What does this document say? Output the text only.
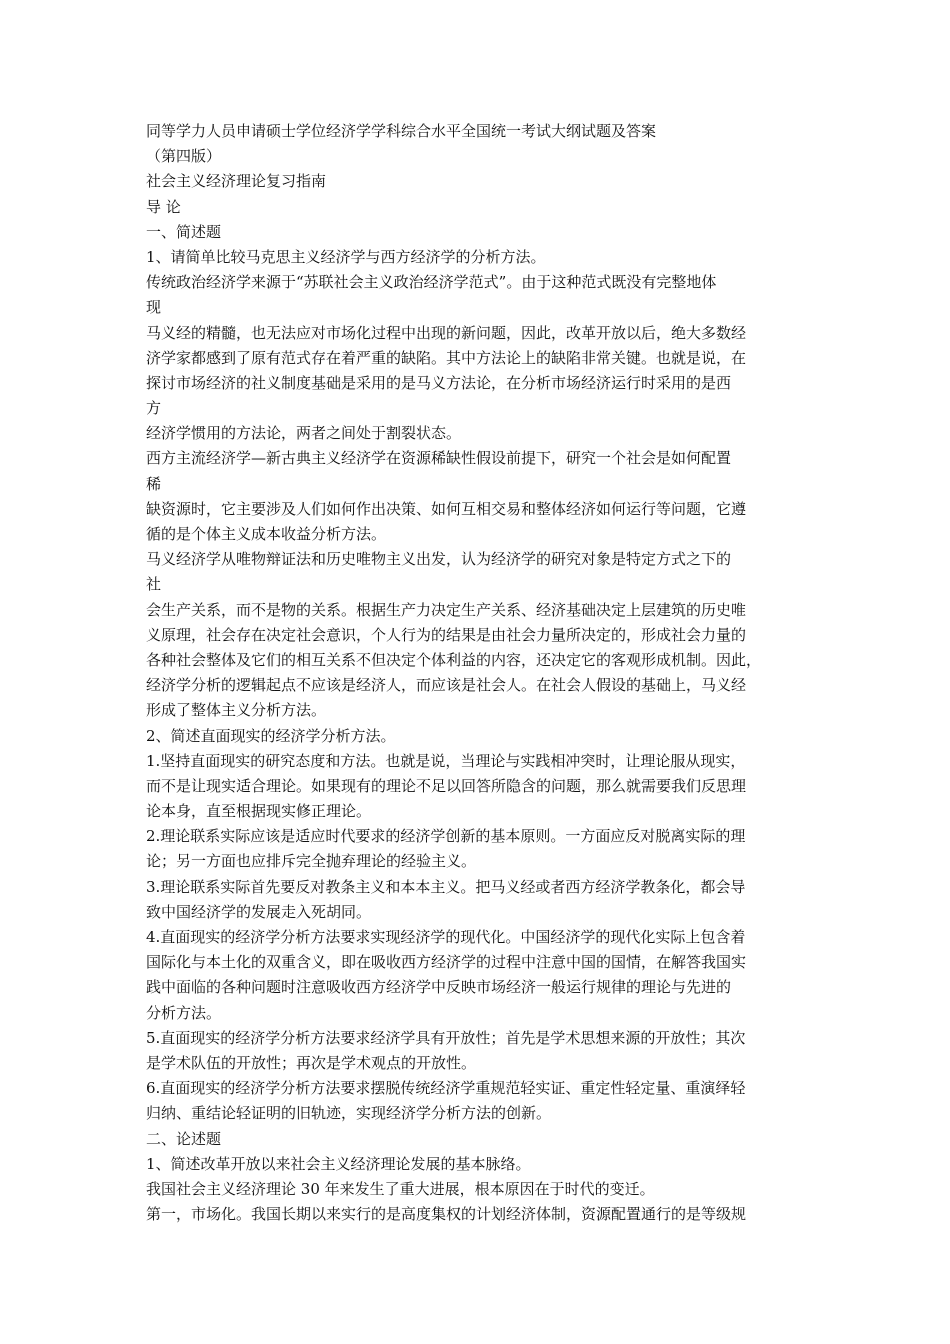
同等学力人员申请硕士学位经济学学科综合水平全国统一考试大纲试题及答案
（第四版）
社会主义经济理论复习指南
导 论
一、简述题
1、请简单比较马克思主义经济学与西方经济学的分析方法。
传统政治经济学来源于“苏联社会主义政治经济学范式”。由于这种范式既没有完整地体
现
马义经的精髓，也无法应对市场化过程中出现的新问题，因此，改革开放以后，绝大多数经
济学家都感到了原有范式存在着严重的缺陷。其中方法论上的缺陷非常关键。也就是说，在
探讨市场经济的社义制度基础是采用的是马义方法论，在分析市场经济运行时采用的是西
方
经济学惯用的方法论，两者之间处于割裂状态。
西方主流经济学—新古典主义经济学在资源稀缺性假设前提下，研究一个社会是如何配置
稀
缺资源时，它主要涉及人们如何作出决策、如何互相交易和整体经济如何运行等问题，它遵
循的是个体主义成本收益分析方法。
马义经济学从唯物辩证法和历史唯物主义出发，认为经济学的研究对象是特定方式之下的
社
会生产关系，而不是物的关系。根据生产力决定生产关系、经济基础决定上层建筑的历史唯
义原理，社会存在决定社会意识，个人行为的结果是由社会力量所决定的，形成社会力量的
各种社会整体及它们的相互关系不但决定个体利益的内容，还决定它的客观形成机制。因此，
经济学分析的逻辑起点不应该是经济人，而应该是社会人。在社会人假设的基础上，马义经
形成了整体主义分析方法。
2、简述直面现实的经济学分析方法。
1.坚持直面现实的研究态度和方法。也就是说，当理论与实践相冲突时，让理论服从现实，
而不是让现实适合理论。如果现有的理论不足以回答所隐含的问题，那么就需要我们反思理
论本身，直至根据现实修正理论。
2.理论联系实际应该是适应时代要求的经济学创新的基本原则。一方面应反对脱离实际的理
论；另一方面也应排斥完全抛弃理论的经验主义。
3.理论联系实际首先要反对教条主义和本本主义。把马义经或者西方经济学教条化，都会导
致中国经济学的发展走入死胡同。
4.直面现实的经济学分析方法要求实现经济学的现代化。中国经济学的现代化实际上包含着
国际化与本土化的双重含义，即在吸收西方经济学的过程中注意中国的国情，在解答我国实
践中面临的各种问题时注意吸收西方经济学中反映市场经济一般运行规律的理论与先进的
分析方法。
5.直面现实的经济学分析方法要求经济学具有开放性；首先是学术思想来源的开放性；其次
是学术队伍的开放性；再次是学术观点的开放性。
6.直面现实的经济学分析方法要求摆脱传统经济学重规范轻实证、重定性轻定量、重演绎轻
归纳、重结论轻证明的旧轨迹，实现经济学分析方法的创新。
二、论述题
1、简述改革开放以来社会主义经济理论发展的基本脉络。
我国社会主义经济理论 30 年来发生了重大进展，根本原因在于时代的变迁。
第一，市场化。我国长期以来实行的是高度集权的计划经济体制，资源配置通行的是等级规
